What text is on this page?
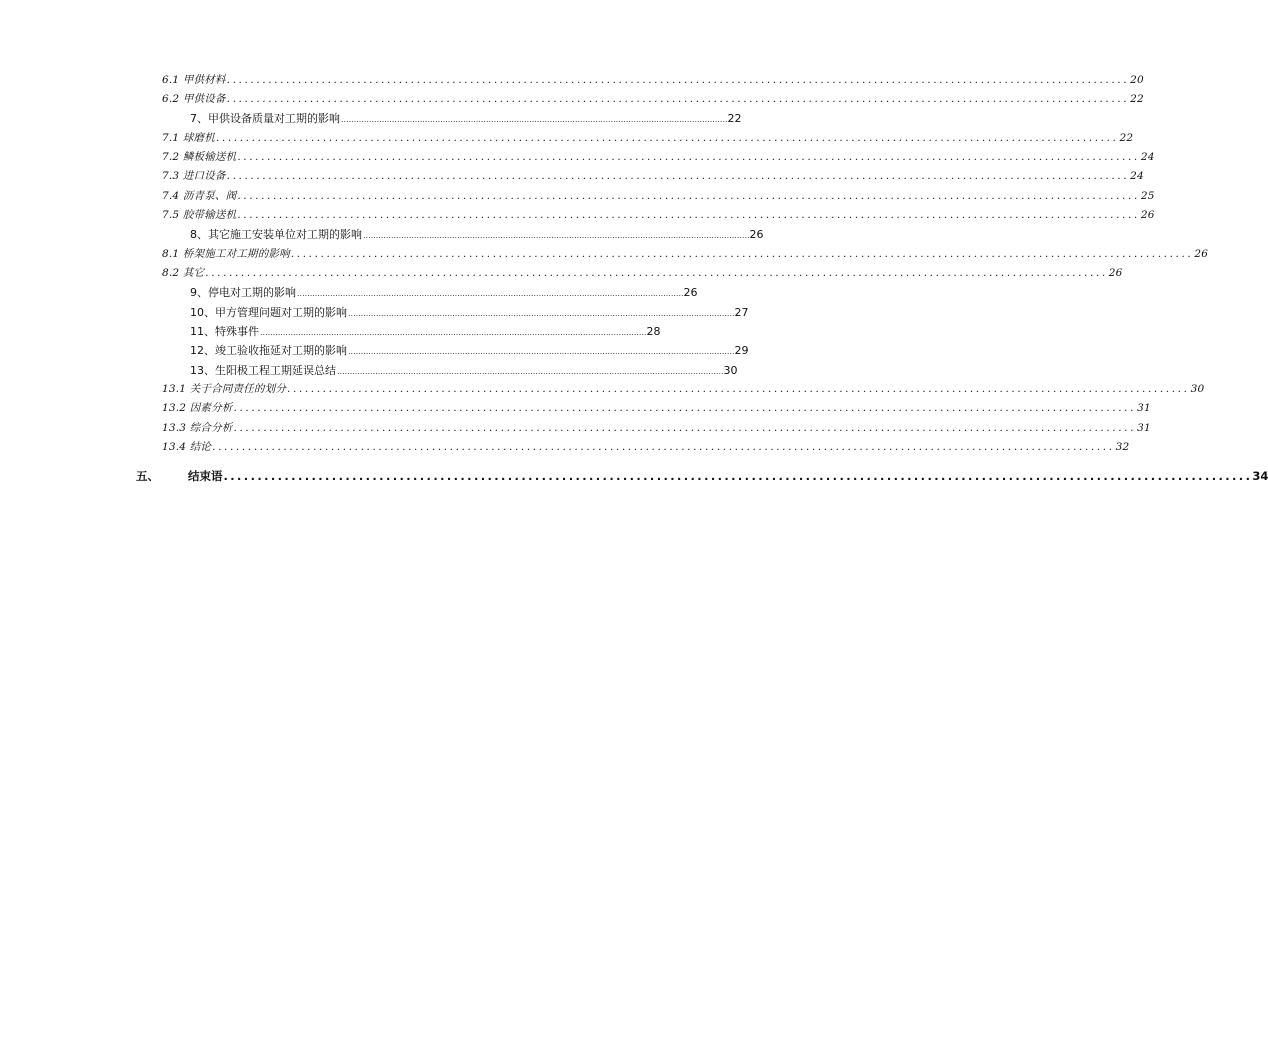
6.1 甲供材料 ........................................................................................................................................................ 20
6.2 甲供设备 ........................................................................................................................................................ 22
7、甲供设备质量对工期的影响 ........................................................................................................................................................ 22
7.1 球磨机 ........................................................................................................................................................ 22
7.2 鳞板输送机 ........................................................................................................................................................ 24
7.3 进口设备 ........................................................................................................................................................ 24
7.4 沥青泵、阀 ........................................................................................................................................................ 25
7.5 胶带输送机 ........................................................................................................................................................ 26
8、其它施工安装单位对工期的影响 ........................................................................................................................................................ 26
8.1 桥架施工对工期的影响 ........................................................................................................................................................ 26
8.2 其它 ........................................................................................................................................................ 26
9、停电对工期的影响 ........................................................................................................................................................ 26
10、甲方管理问题对工期的影响 ........................................................................................................................................................ 27
11、特殊事件 ........................................................................................................................................................ 28
12、竣工验收拖延对工期的影响 ........................................................................................................................................................ 29
13、生阳极工程工期延误总结 ........................................................................................................................................................ 30
13.1 关于合同责任的划分 ........................................................................................................................................................ 30
13.2 因素分析 ........................................................................................................................................................ 31
13.3 综合分析 ........................................................................................................................................................ 31
13.4 结论 ........................................................................................................................................................ 32
五、	结束语 ........................................................................................................................................................ 34
